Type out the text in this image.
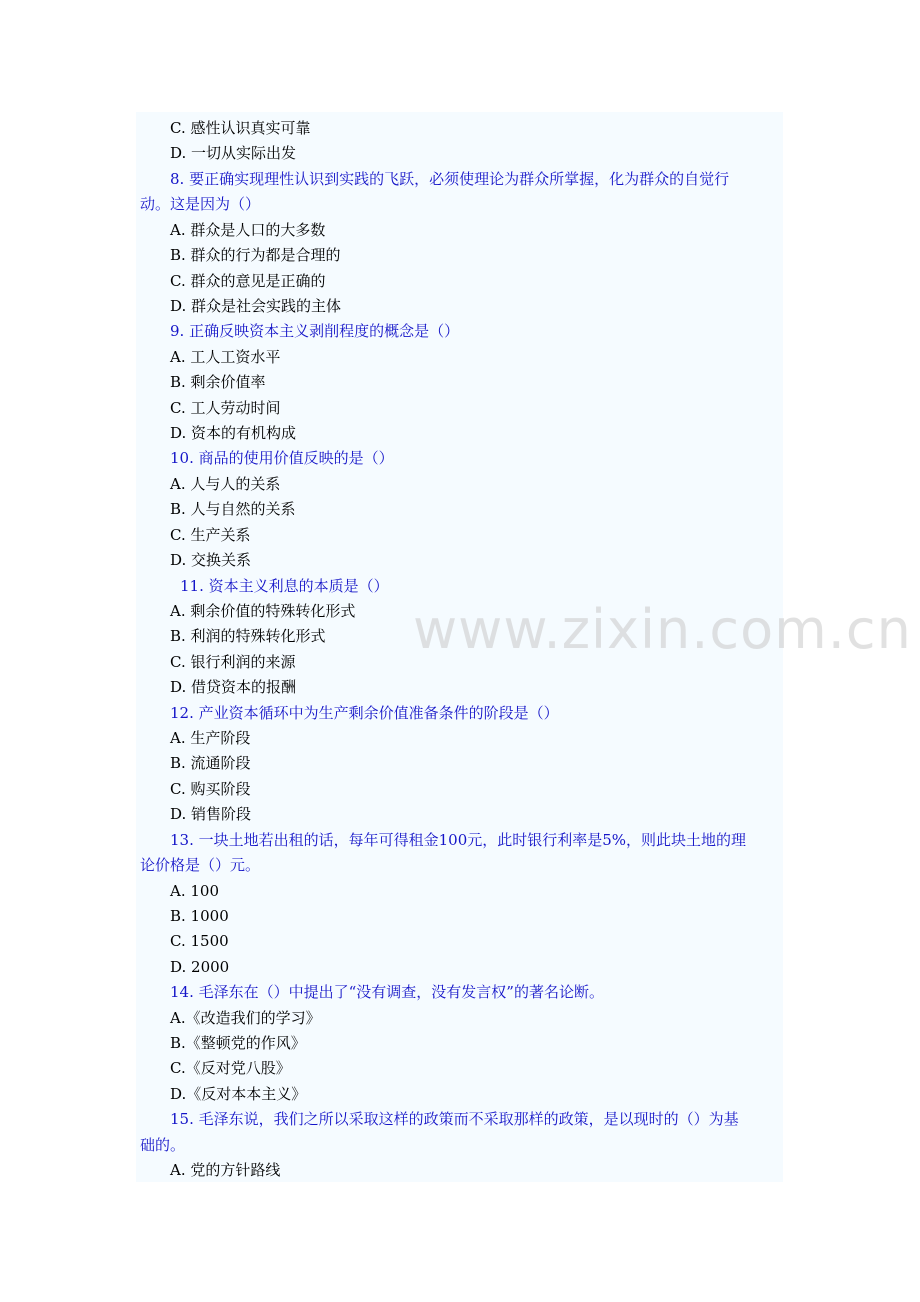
C. 感性认识真实可靠
D. 一切从实际出发
8. 要正确实现理性认识到实践的飞跃，必须使理论为群众所掌握，化为群众的自觉行
动。这是因为（）
A. 群众是人口的大多数
B. 群众的行为都是合理的
C. 群众的意见是正确的
D. 群众是社会实践的主体
9. 正确反映资本主义剥削程度的概念是（）
A. 工人工资水平
B. 剩余价值率
C. 工人劳动时间
D. 资本的有机构成
10. 商品的使用价值反映的是（）
A. 人与人的关系
B. 人与自然的关系
C. 生产关系
D. 交换关系
11. 资本主义利息的本质是（）
A. 剩余价值的特殊转化形式
B. 利润的特殊转化形式
C. 银行利润的来源
D. 借贷资本的报酬
12. 产业资本循环中为生产剩余价值准备条件的阶段是（）
A. 生产阶段
B. 流通阶段
C. 购买阶段
D. 销售阶段
13. 一块土地若出租的话，每年可得租金100元，此时银行利率是5%，则此块土地的理
论价格是（）元。
A. 100
B. 1000
C. 1500
D. 2000
14. 毛泽东在（）中提出了“没有调查，没有发言权”的著名论断。
A.《改造我们的学习》
B.《整顿党的作风》
C.《反对党八股》
D.《反对本本主义》
15. 毛泽东说，我们之所以采取这样的政策而不采取那样的政策，是以现时的（）为基
础的。
A. 党的方针路线
www.zixin.com.cn
